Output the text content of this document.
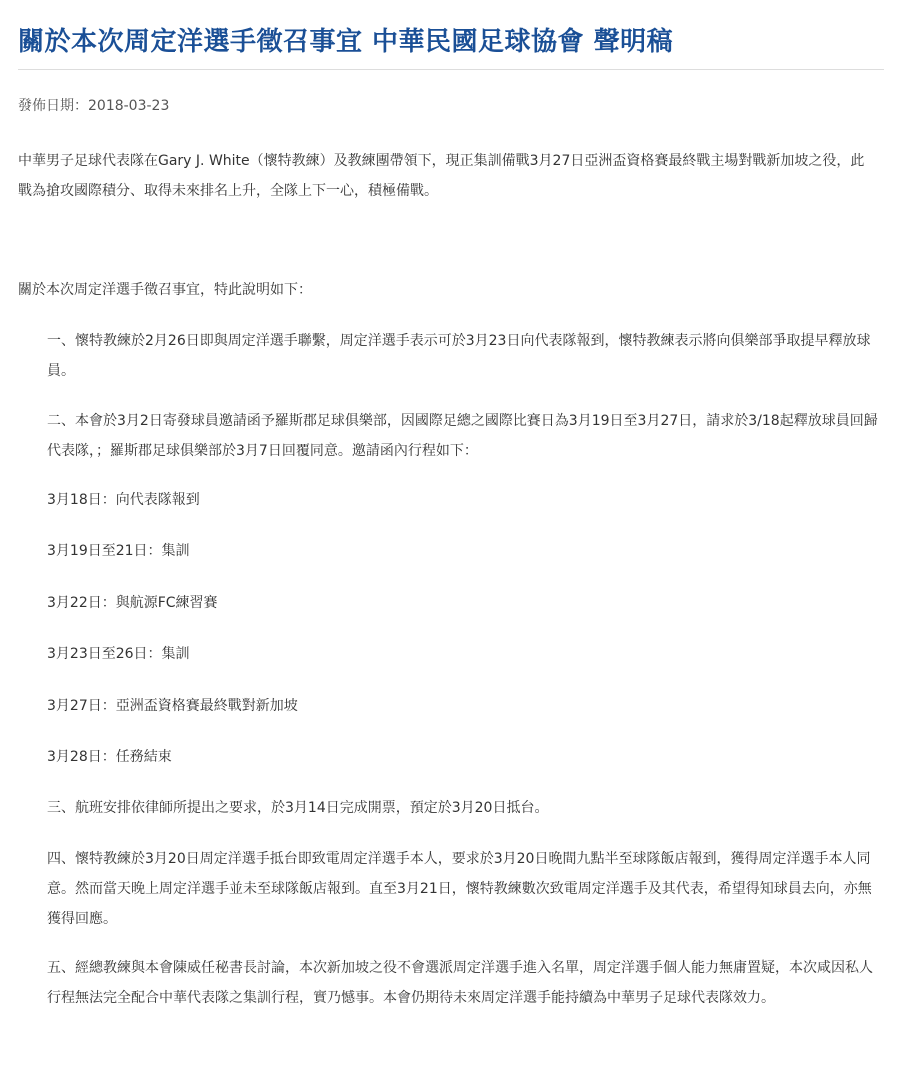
關於本次周定洋選手徵召事宜 中華民國足球協會 聲明稿
發佈日期：2018-03-23

中華男子足球代表隊在Gary J. White（懷特教練）及教練團帶領下，現正集訓備戰3月27日亞洲盃資格賽最終戰主場對戰新加坡之役，此戰為搶攻國際積分、取得未來排名上升，全隊上下一心，積極備戰。

關於本次周定洋選手徵召事宜，特此說明如下：

一、懷特教練於2月26日即與周定洋選手聯繫，周定洋選手表示可於3月23日向代表隊報到，懷特教練表示將向俱樂部爭取提早釋放球員。

二、本會於3月2日寄發球員邀請函予羅斯郡足球俱樂部，因國際足總之國際比賽日為3月19日至3月27日，請求於3/18起釋放球員回歸代表隊，；羅斯郡足球俱樂部於3月7日回覆同意。邀請函內行程如下：

3月18日：向代表隊報到

3月19日至21日：集訓

3月22日：與航源FC練習賽

3月23日至26日：集訓

3月27日：亞洲盃資格賽最終戰對新加坡

3月28日：任務結束

三、航班安排依律師所提出之要求，於3月14日完成開票，預定於3月20日抵台。

四、懷特教練於3月20日周定洋選手抵台即致電周定洋選手本人，要求於3月20日晚間九點半至球隊飯店報到，獲得周定洋選手本人同意。然而當天晚上周定洋選手並未至球隊飯店報到。直至3月21日，懷特教練數次致電周定洋選手及其代表，希望得知球員去向，亦無獲得回應。

五、經總教練與本會陳威任秘書長討論，本次新加坡之役不會選派周定洋選手進入名單，周定洋選手個人能力無庸置疑，本次咸因私人行程無法完全配合中華代表隊之集訓行程，實乃憾事。本會仍期待未來周定洋選手能持續為中華男子足球代表隊效力。
